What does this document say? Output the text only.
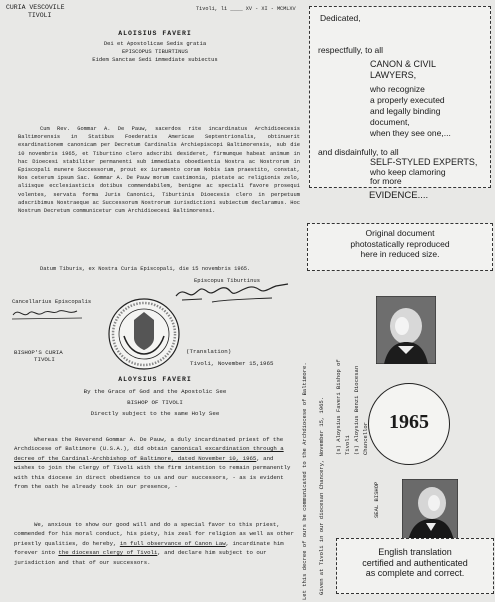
CURIA VESCOVILE
TIVOLI
Tivoli, lì ____ XV - XI - MCMLXV
ALOISIUS FAVERI
Dei et Apostolicae Sedis gratia
EPISCOPUS TIBURTINUS
Eidem Sanctae Sedi immediate subiectus
Cum Rev. Gommar A. De Pauw, sacerdos rite incardinatus Archidioecesis Baltimorensis in Statibus Foederatis Americae Septentrionalis, obtinuerit exardinationem canonicam per Decretum Cardinalis Archiepiscopi Baltimorensis, sub die 10 novembris 1965, et Tiburtino clero adscribi desideret, firmumque habeat animum in hac Dioecesi stabiliter permanenti sub immediata oboedientia Nostra ac Nostrorum in Episcopali munere Successorum, prout ex iuramento coram Nobis iam praestito, constat, Nos ceterum ipsum Sac. Gommar A. De Pauw morum castimonia, pietate ac religionis zelo, aliisque ecclesiasticis dotibus commendabilem, benigne ac speciali favore prosequi volentes, servata forma Juris Canonici, Tiburtinis Dioecesis clero in perpetuum adscribimus Nostraeque ac Successorum Nostrorum iurisdictioni subiectum declaramus. Hoc Nostrum Decretum communicetur cum Archidioecesi Baltimorensi.
Datum Tiburis, ex Nostra Curia Episcopali, die 15 novembris 1965.
Episcopus Tiburtinus
Cancellarius Episcopalis
BISHOP'S CURIA
TIVOLI
(Translation)
Tivoli, November 15,1965
ALOYSIUS FAVERI
By the Grace of God and the Apostolic See
BISHOP OF TIVOLI
Directly subject to the same Holy See
Whereas the Reverend Gommar A. De Pauw, a duly incardinated priest of the Archdiocese of Baltimore (U.S.A.), did obtain canonical excardination through a decree of the Cardinal-Archbishop of Baltimore, dated November 10, 1965, and wishes to join the clergy of Tivoli with the firm intention to remain permanently with this diocese in direct obedience to us and our successors, - as is evident from the oath he already took in our presence, -
We, anxious to show our good will and do a special favor to this priest, commended for his moral conduct, his piety, his zeal for religion as well as other priestly qualities, do hereby, in full observance of Canon Law, incardinate him forever into the diocesan clergy of Tivoli, and declare him subject to our jurisdiction and that of our successors.	Let this decree of ours be communicated to the Archdiocese of Baltimore. Given at Tivoli in our diocesan Chancery, November 15, 1965. (s) Aloysius Faveri Bishop of Tivoli (s) Aloysius Benzi Diocesan Chancellor
SEAL BISHOP
Dedicated,
respectfully, to all
CANON & CIVIL
LAWYERS,
who recognize
a properly executed
and legally binding
document,
when they see one,...
and disdainfully, to all
SELF-STYLED EXPERTS,
who keep clamoring
for more
EVIDENCE....
Original document
photostatically reproduced
here in reduced size.
1965
English translation
certified and authenticated
as complete and correct.
